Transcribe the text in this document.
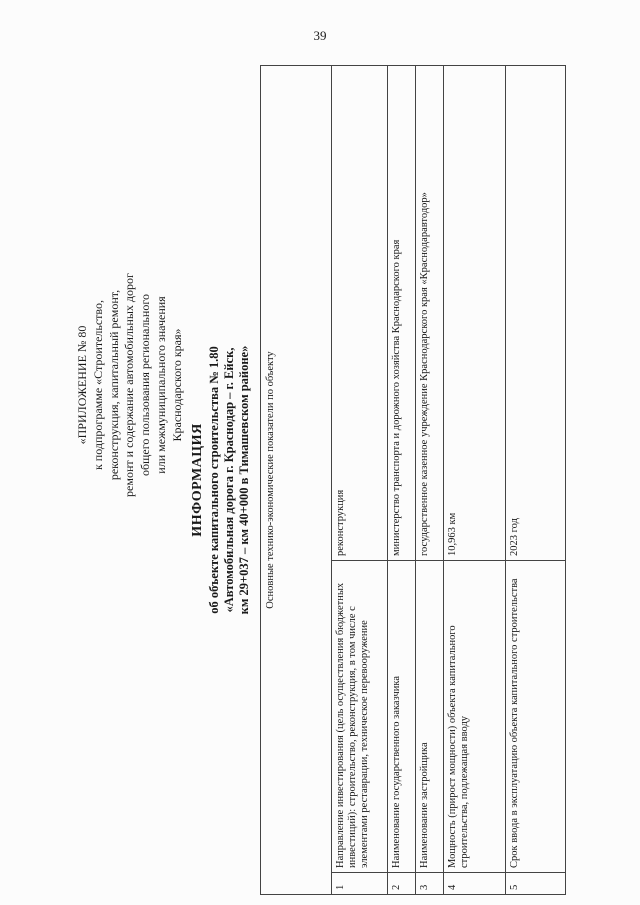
39
«ПРИЛОЖЕНИЕ № 80 к подпрограмме «Строительство, реконструкция, капитальный ремонт, ремонт и содержание автомобильных дорог общего пользования регионального или межмуниципального значения Краснодарского края»
ИНФОРМАЦИЯ об объекте капитального строительства № 1.80 «Автомобильная дорога г. Краснодар – г. Ейск, км 29+037 – км 40+000 в Тимашевском районе» Основные технико-экономические показатели по объекту		
1	Направление инвестирования (цель осуществления бюджетных инвестиций): строительство, реконструкция, в том числе с элементами реставрации, техническое перевооружение	реконструкция
2	Наименование государственного заказчика	министерство транспорта и дорожного хозяйства Краснодарского края
3	Наименование застройщика	государственное казенное учреждение Краснодарского края «Краснодаравтодор»
4	Мощность (прирост мощности) объекта капитального строительства, подлежащая вводу	10,963 км
5	Срок ввода в эксплуатацию объекта капитального строительства	2023 год
